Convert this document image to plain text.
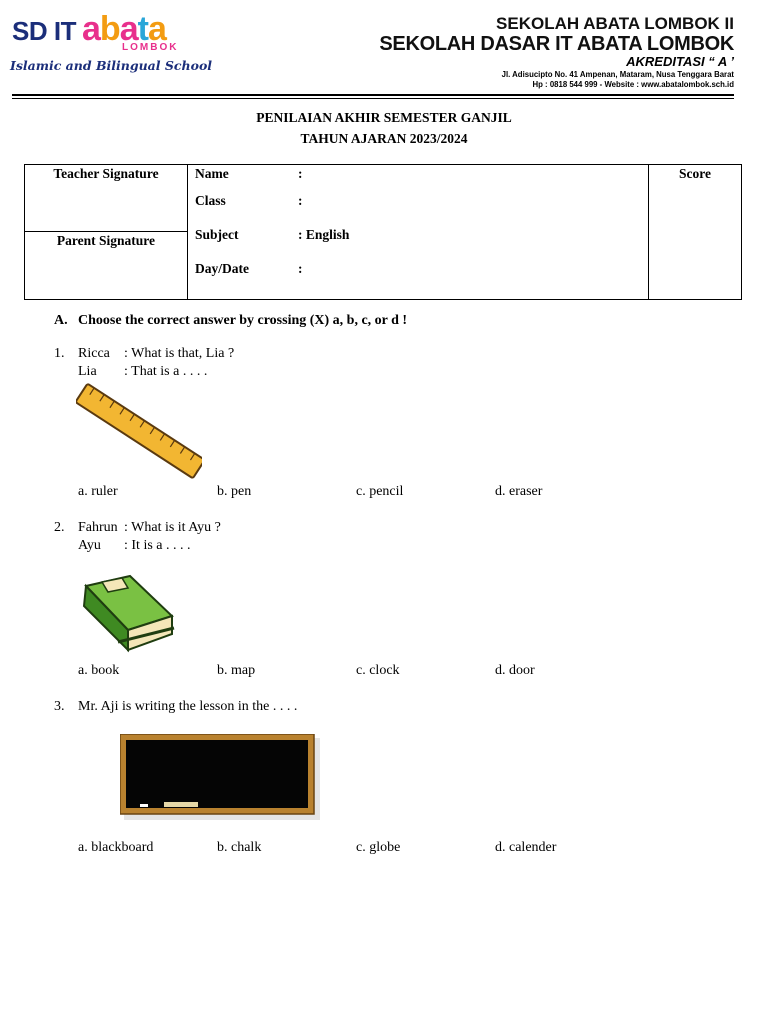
SD IT abata
LOMBOK
Islamic and Bilingual School
SEKOLAH ABATA LOMBOK II
SEKOLAH DASAR IT ABATA LOMBOK
AKREDITASI “ A ’
Jl. Adisucipto No. 41 Ampenan, Mataram, Nusa Tenggara Barat
Hp : 0818 544 999 - Website : www.abatalombok.sch.id
PENILAIAN AKHIR SEMESTER GANJIL
TAHUN AJARAN 2023/2024
Teacher Signature
Parent Signature
Score
Name	:
Class	:
Subject	: English
Day/Date	:
A. Choose the correct answer by crossing (X) a, b, c, or d !
1. Ricca : What is that, Lia ?
Lia : That is a . . . .
a. ruler	b. pen	c. pencil	d. eraser
2. Fahrun : What is it Ayu ?
Ayu : It is a . . . .
a. book	b. map	c. clock	d. door
3. Mr. Aji is writing the lesson in the . . . .
a. blackboard	b. chalk	c. globe	d. calender
